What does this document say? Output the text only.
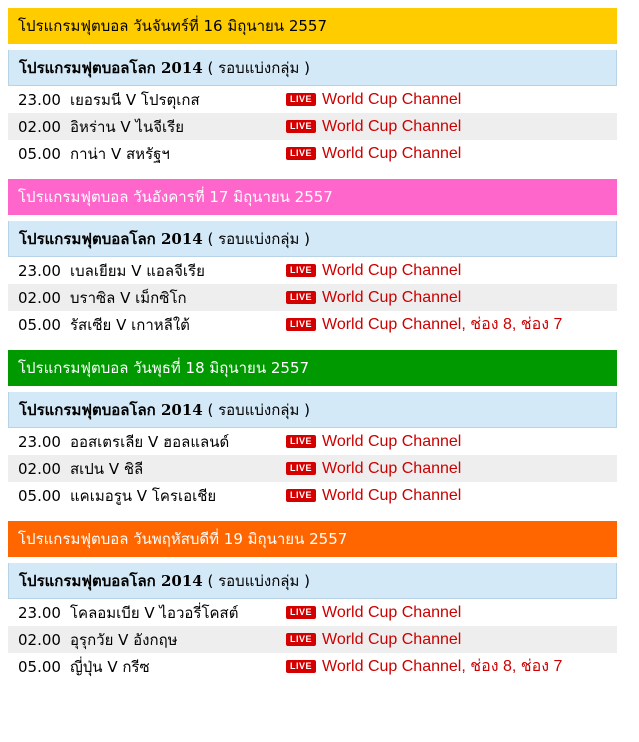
โปรแกรมฟุตบอล วันจันทร์ที่ 16 มิถุนายน 2557
โปรแกรมฟุตบอลโลก 2014 ( รอบแบ่งกลุ่ม )
23.00 เยอรมนี V โปรตุเกส	LIVE World Cup Channel
02.00 อิหร่าน V ไนจีเรีย	LIVE World Cup Channel
05.00 กาน่า V สหรัฐฯ	LIVE World Cup Channel
โปรแกรมฟุตบอล วันอังคารที่ 17 มิถุนายน 2557
โปรแกรมฟุตบอลโลก 2014 ( รอบแบ่งกลุ่ม )
23.00 เบลเยียม V แอลจีเรีย	LIVE World Cup Channel
02.00 บราซิล V เม็กซิโก	LIVE World Cup Channel
05.00 รัสเซีย V เกาหลีใต้	LIVE World Cup Channel, ช่อง 8, ช่อง 7
โปรแกรมฟุตบอล วันพุธที่ 18 มิถุนายน 2557
โปรแกรมฟุตบอลโลก 2014 ( รอบแบ่งกลุ่ม )
23.00 ออสเตรเลีย V ฮอลแลนด์	LIVE World Cup Channel
02.00 สเปน V ชิลี	LIVE World Cup Channel
05.00 แคเมอรูน V โครเอเชีย	LIVE World Cup Channel
โปรแกรมฟุตบอล วันพฤหัสบดีที่ 19 มิถุนายน 2557
โปรแกรมฟุตบอลโลก 2014 ( รอบแบ่งกลุ่ม )
23.00 โคลอมเบีย V ไอวอรี่โคสต์	LIVE World Cup Channel
02.00 อุรุกวัย V อังกฤษ	LIVE World Cup Channel
05.00 ญี่ปุ่น V กรีซ	LIVE World Cup Channel, ช่อง 8, ช่อง 7
